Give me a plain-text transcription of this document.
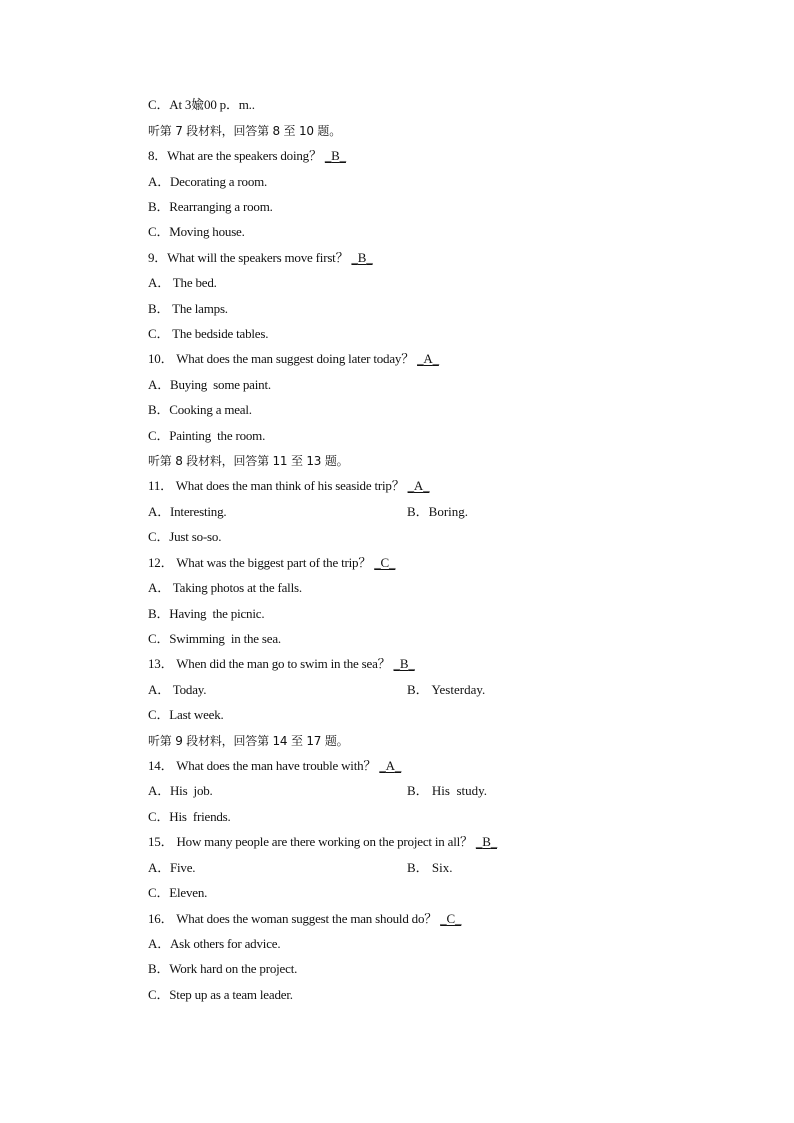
C．At 3婾00 p．m..
听第 7 段材料，回答第 8 至 10 题。
8．What are the speakers doing？ _B_
A．Decorating a room.
B．Rearranging a room.
C．Moving house.
9．What will the speakers move first？ _B_
A． The bed.
B． The lamps.
C． The bedside tables.
10． What does the man suggest doing later today？ _A_
A．Buying  some paint.
B．Cooking a meal.
C．Painting  the room.
听第 8 段材料，回答第 11 至 13 题。
11． What does the man think of his seaside trip？ _A_
A．Interesting.	B．Boring.
C．Just so-so.
12． What was the biggest part of the trip？ _C_
A． Taking photos at the falls.
B．Having  the picnic.
C．Swimming  in the sea.
13． When did the man go to swim in the sea？ _B_
A． Today.	B． Yesterday.
C．Last week.
听第 9 段材料，回答第 14 至 17 题。
14． What does the man have trouble with？ _A_
A．His  job.	B． His  study.
C．His  friends.
15． How many people are there working on the project in all？ _B_
A．Five.	B． Six.
C．Eleven.
16． What does the woman suggest the man should do？ _C_
A．Ask others for advice.
B．Work hard on the project.
C．Step up as a team leader.
